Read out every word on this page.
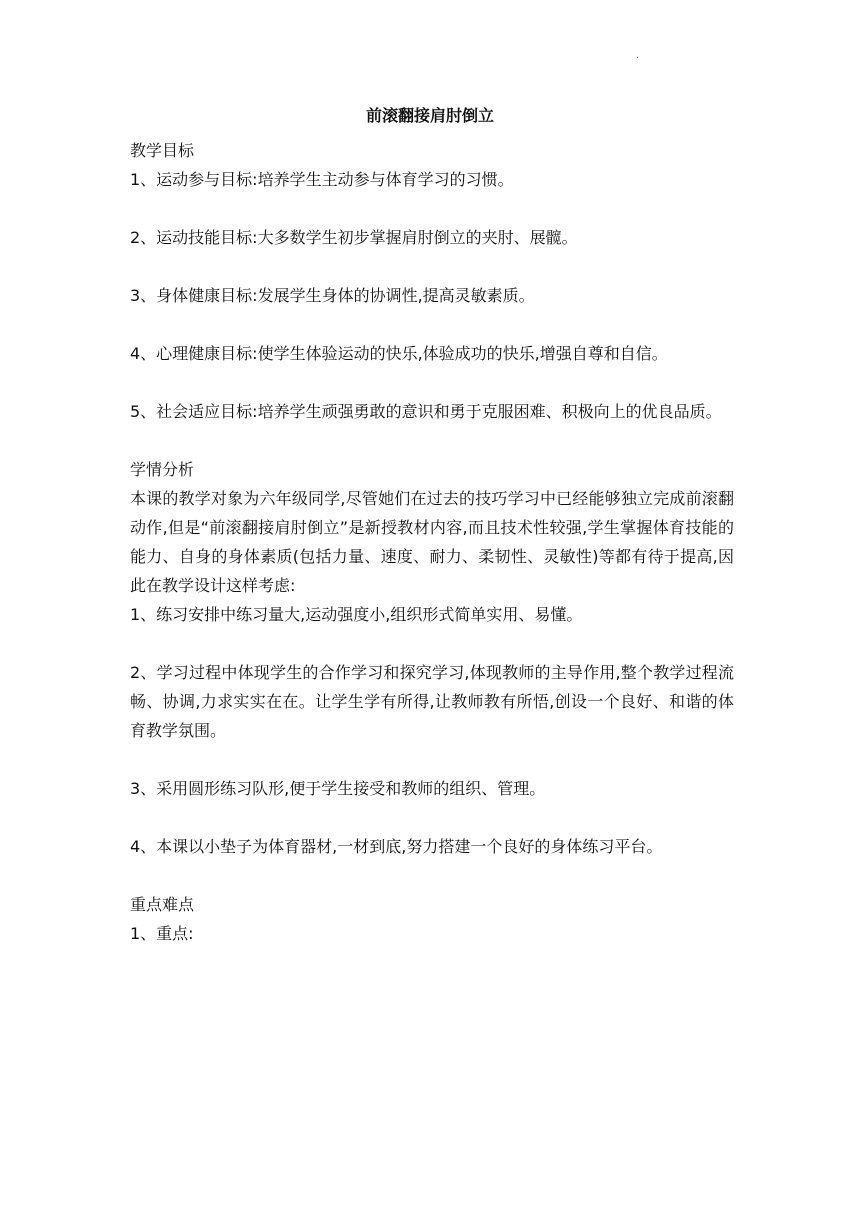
·
前滚翻接肩肘倒立

教学目标

1、运动参与目标:培养学生主动参与体育学习的习惯。

2、运动技能目标:大多数学生初步掌握肩肘倒立的夹肘、展髋。

3、身体健康目标:发展学生身体的协调性,提高灵敏素质。

4、心理健康目标:使学生体验运动的快乐,体验成功的快乐,增强自尊和自信。

5、社会适应目标:培养学生顽强勇敢的意识和勇于克服困难、积极向上的优良品质。

学情分析

本课的教学对象为六年级同学,尽管她们在过去的技巧学习中已经能够独立完成前滚翻动作,但是“前滚翻接肩肘倒立”是新授教材内容,而且技术性较强,学生掌握体育技能的能力、自身的身体素质(包括力量、速度、耐力、柔韧性、灵敏性)等都有待于提高,因此在教学设计这样考虑:

1、练习安排中练习量大,运动强度小,组织形式简单实用、易懂。

2、学习过程中体现学生的合作学习和探究学习,体现教师的主导作用,整个教学过程流畅、协调,力求实实在在。让学生学有所得,让教师教有所悟,创设一个良好、和谐的体育教学氛围。

3、采用圆形练习队形,便于学生接受和教师的组织、管理。

4、本课以小垫子为体育器材,一材到底,努力搭建一个良好的身体练习平台。

重点难点

1、重点:
